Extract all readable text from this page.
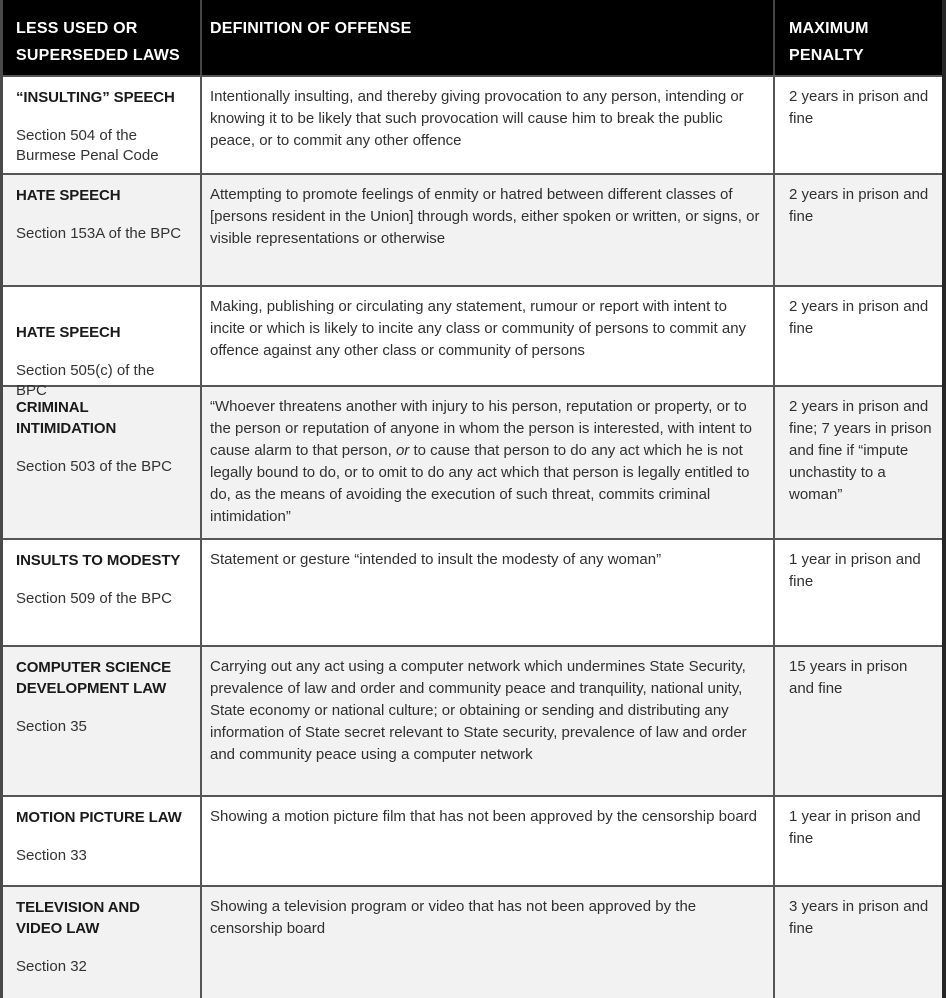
LESS USED OR SUPERSEDED LAWS
DEFINITION OF OFFENSE	MAXIMUM PENALTY
“INSULTING” SPEECH
Section 504 of the Burmese Penal Code
Intentionally insulting, and thereby giving provocation to any person, intending or knowing it to be likely that such provocation will cause him to break the public peace, or to commit any other offence
2 years in prison and fine
HATE SPEECH
Section 153A of the BPC
Attempting to promote feelings of enmity or hatred between different classes of [persons resident in the Union] through words, either spoken or written, or signs, or visible representations or otherwise
2 years in prison and fine
HATE SPEECH
Section 505(c) of the BPC
Making, publishing or circulating any statement, rumour or report with intent to incite or which is likely to incite any class or community of persons to commit any offence against any other class or community of persons
2 years in prison and fine
CRIMINAL INTIMIDATION
Section 503 of the BPC
“Whoever threatens another with injury to his person, reputation or property, or to the person or reputation of anyone in whom the person is interested, with intent to cause alarm to that person, or to cause that person to do any act which he is not legally bound to do, or to omit to do any act which that person is legally entitled to do, as the means of avoiding the execution of such threat, commits criminal intimidation”
2 years in prison and fine; 7 years in prison and fine if “impute unchastity to a woman”
INSULTS TO MODESTY
Section 509 of the BPC
Statement or gesture “intended to insult the modesty of any woman”	1 year in prison and fine
COMPUTER SCIENCE DEVELOPMENT LAW
Section 35
Carrying out any act using a computer network which undermines State Security, prevalence of law and order and community peace and tranquility, national unity, State economy or national culture; or obtaining or sending and distributing any information of State secret relevant to State security, prevalence of law and order and community peace using a computer network
15 years in prison and fine
MOTION PICTURE LAW
Section 33
Showing a motion picture film that has not been approved by the censorship board 1 year in prison and fine
TELEVISION AND VIDEO LAW
Section 32
Showing a television program or video that has not been approved by the censorship board
3 years in prison and fine
